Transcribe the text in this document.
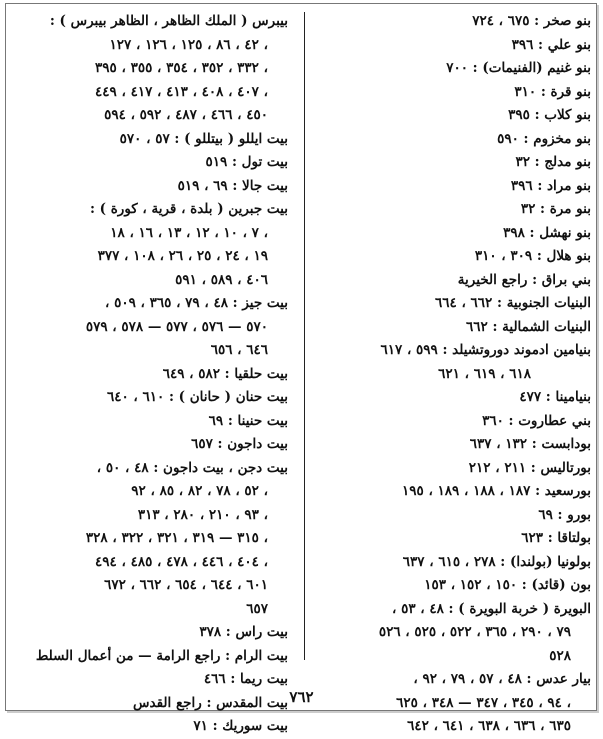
بنو صخر : ٦٧٥ ، ٧٢٤
بنو علي : ٣٩٦
بنو غنيم (الفنيمات) : ٧٠٠
بنو قرة : ٣١٠
بنو كلاب : ٣٩٥
بنو مخزوم : ٥٩٠
بنو مدلج : ٣٢
بنو مراد : ٣٩٦
بنو مرة : ٣٢
بنو نهشل : ٣٩٨
بنو هلال : ٣٠٩ ، ٣١٠
بني براق : راجع الخيرية
البنيات الجنوبية : ٦٦٢ ، ٦٦٤
البنيات الشمالية : ٦٦٢
بنيامين ادموند دوروتشيلد : ٥٩٩ ، ٦١٧
٦١٨ ، ٦١٩ ، ٦٢١
بنيامينا : ٤٧٧
بني عطاروت : ٣٦٠
بودابست : ١٣٢ ، ٦٣٧
بورتاليس : ٢١١ ، ٢١٢
بورسعيد : ١٨٧ ، ١٨٨ ، ١٨٩ ، ١٩٥
بورو : ٦٩
بولتاقا : ٦٢٣
بولونيا (بولندا) : ٢٧٨ ، ٦١٥ ، ٦٣٧
بون (قائد) : ١٥٠ ، ١٥٢ ، ١٥٣
البويرة ( خربة البويرة ) : ٤٨ ، ٥٣ ،
٧٩ ، ٢٩٠ ، ٣٦٥ ، ٥٢٢ ، ٥٢٥ ، ٥٢٦
٥٢٨
بيار عدس : ٤٨ ، ٥٧ ، ٧٩ ، ٩٢ ،
٩٤ ، ٣٤٥ ، ٣٤٧ — ٣٤٨ ، ٦٢٥ ،
٦٣٥ ، ٦٣٦ ، ٦٣٨ ، ٦٤١ ، ٦٤٢
بيبرس ( الملك الظاهر ، الظاهر بيبرس ) :
٤٢ ، ٨٦ ، ١٢٥ ، ١٢٦ ، ١٢٧ ،
٣٣٢ ، ٣٥٢ ، ٣٥٤ ، ٣٥٥ ، ٣٩٥ ،
٤٠٧ ، ٤٠٨ ، ٤١٣ ، ٤١٧ ، ٤٤٩ ،
٤٥٠ ، ٤٦٦ ، ٤٨٧ ، ٥٩٢ ، ٥٩٤
بيت ايللو ( بيتللو ) : ٥٧ ، ٥٧٠
بيت تول : ٥١٩
بيت جالا : ٦٩ ، ٥١٩
بيت جبرين ( بلدة ، قرية ، كورة ) :
٧ ، ١٠ ، ١٢ ، ١٣ ، ١٦ ، ١٨ ،
١٩ ، ٢٤ ، ٢٥ ، ٢٦ ، ١٠٨ ، ٣٧٧
٤٠٦ ، ٥٨٩ ، ٥٩١
بيت جيز : ٤٨ ، ٧٩ ، ٣٦٥ ، ٥٠٩ ،
٥٧٠ — ٥٧٦ ، ٥٧٧ — ٥٧٨ ، ٥٧٩
٦٤٦ ، ٦٥٦
بيت حلقيا : ٥٨٢ ، ٦٤٩
بيت حنان ( حانان ) : ٦١٠ ، ٦٤٠
بيت حنينا : ٦٩
بيت داجون : ٦٥٧
بيت دجن ، بيت داجون : ٤٨ ، ٥٠ ،
٥٢ ، ٧٨ ، ٨٢ ، ٨٥ ، ٩٢ ،
٩٣ ، ٢١٠ ، ٢٨٠ ، ٣١٣ ،
٣١٥ — ٣١٩ ، ٣٢١ ، ٣٢٢ ، ٣٢٨ ،
٤٠٤ ، ٤٤٦ ، ٤٧٨ ، ٤٨٥ ، ٤٩٤ ،
٦٠١ ، ٦٤٤ ، ٦٥٤ ، ٦٦٢ ، ٦٧٢
٦٥٧
بيت راس : ٣٧٨
بيت الرام : راجع الرامة — من أعمال السلط
بيت ريما : ٤٦٦
بيت المقدس : راجع القدس
بيت سوريك : ٧١
٧٦٢
